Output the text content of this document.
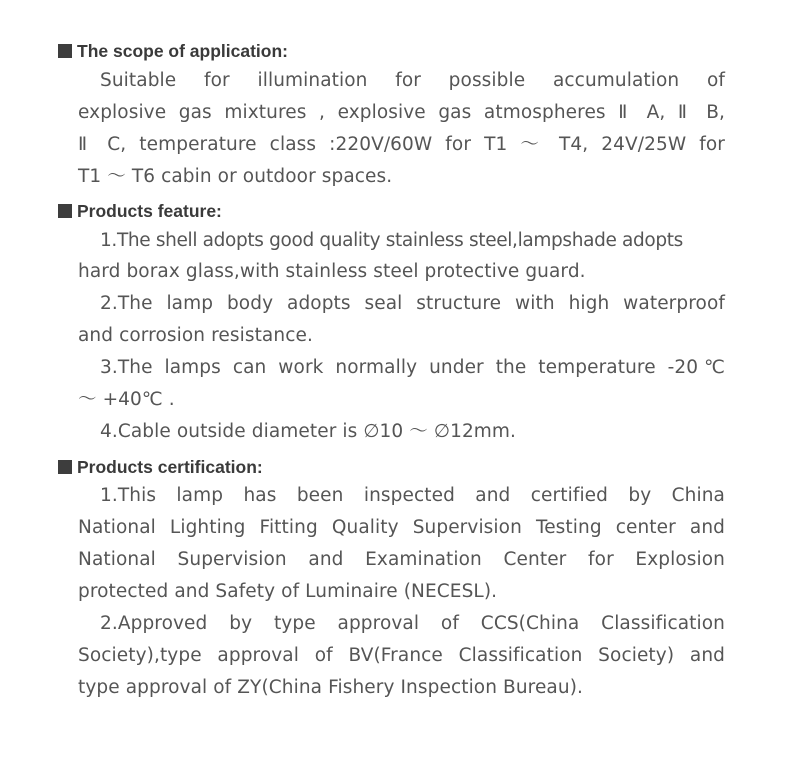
The scope of application:
Suitable for illumination for possible accumulation of
explosive gas mixtures , explosive gas atmospheres Ⅱ A, Ⅱ B,
Ⅱ C, temperature class :220V/60W for T1 ～ T4, 24V/25W for
T1 ～ T6 cabin or outdoor spaces.
Products feature:
1.The shell adopts good quality stainless steel,lampshade adopts
hard borax glass,with stainless steel protective guard.
2.The lamp body adopts seal structure with high waterproof
and corrosion resistance.
3.The lamps can work normally under the temperature -20℃
～ +40℃ .
4.Cable outside diameter is ∅10 ～ ∅12mm.
Products certification:
1.This lamp has been inspected and certified by China
National Lighting Fitting Quality Supervision Testing center and
National Supervision and Examination Center for Explosion
protected and Safety of Luminaire (NECESL).
2.Approved by type approval of CCS(China Classification
Society),type approval of BV(France Classification Society) and
type approval of ZY(China Fishery Inspection Bureau).
